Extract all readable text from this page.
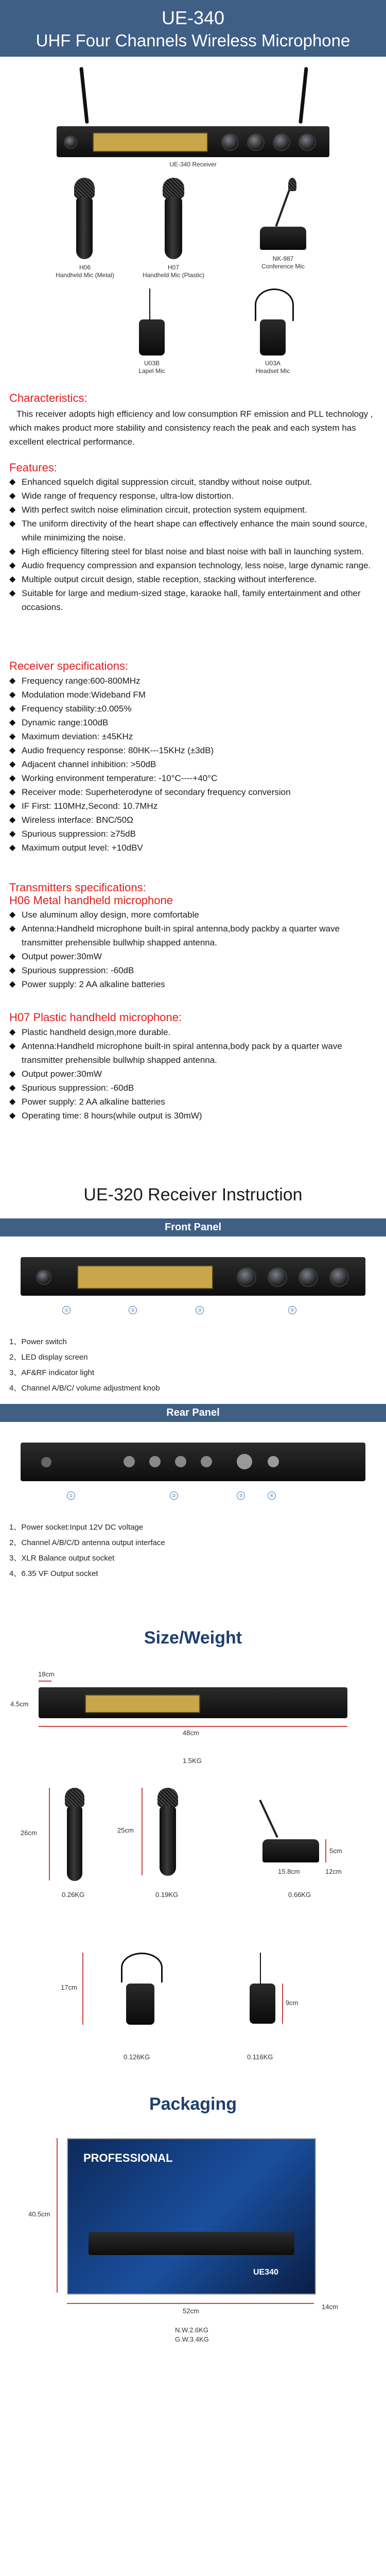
UE-340
UHF Four Channels Wireless Microphone
UE-340 Receiver
H06
Handheld Mic (Metal)
H07
Handheld Mic (Plastic)
NK-987
Conference Mic
U03B
Lapel Mic
U03A
Headset Mic
Characteristics:
This receiver adopts high efficiency and low consumption RF emission and PLL technology , which makes product more stability and consistency reach the peak and each system has excellent electrical performance.
Features:
◆ Enhanced squelch digital suppression circuit, standby without noise output.
◆ Wide range of frequency response, ultra-low distortion.
◆ With perfect switch noise elimination circuit, protection system equipment.
◆ The uniform directivity of the heart shape can effectively enhance the main sound source, while minimizing the noise.
◆ High efficiency filtering steel for blast noise and blast noise with ball in launching system.
◆ Audio frequency compression and expansion technology, less noise, large dynamic range.
◆ Multiple output circuit design, stable reception, stacking without interference.
◆ Suitable for large and medium-sized stage, karaoke hall, family entertainment and other occasions.
Receiver specifications:
◆ Frequency range:600-800MHz
◆ Modulation mode:Wideband FM
◆ Frequency stability:±0.005%
◆ Dynamic range:100dB
◆ Maximum deviation: ±45KHz
◆ Audio frequency response: 80HK---15KHz (±3dB)
◆ Adjacent channel inhibition: >50dB
◆ Working environment temperature: -10°C----+40°C
◆ Receiver mode: Superheterodyne of secondary frequency conversion
◆ IF First: 110MHz,Second: 10.7MHz
◆ Wireless interface: BNC/50Ω
◆ Spurious suppression: ≥75dB
◆ Maximum output level: +10dBV
Transmitters specifications:
H06 Metal handheld microphone
◆ Use aluminum alloy design, more comfortable
◆ Antenna:Handheld microphone built-in spiral antenna,body packby a quarter wave transmitter prehensible bullwhip shapped antenna.
◆ Output power:30mW
◆ Spurious suppression: -60dB
◆ Power supply: 2 AA alkaline batteries
H07 Plastic handheld microphone:
◆ Plastic handheld design,more durable.
◆ Antenna:Handheld microphone built-in spiral antenna,body pack by a quarter wave transmitter prehensible bullwhip shapped antenna.
◆ Output power:30mW
◆ Spurious suppression: -60dB
◆ Power supply: 2 AA alkaline batteries
◆ Operating time: 8 hours(while output is 30mW)
UE-320 Receiver Instruction
Front Panel
①	②	③	④
1、Power switch
2、LED display screen
3、AF&RF indicator light
4、Channel A/B/C/ volume adjustment knob
Rear Panel
①	②	③	④
1、Power socket:Input 12V DC voltage
2、Channel A/B/C/D antenna output interface
3、XLR Balance output socket
4、6.35 VF Output socket
Size/Weight
18cm
4.5cm
48cm
1.5KG
26cm
0.26KG
25cm
0.19KG
5cm
15.8cm	12cm
0.66KG
17cm
0.126KG
9cm
0.116KG
Packaging
40.5cm
PROFESSIONAL
UE340
52cm
14cm
N.W.2.6KG
G.W.3.4KG
